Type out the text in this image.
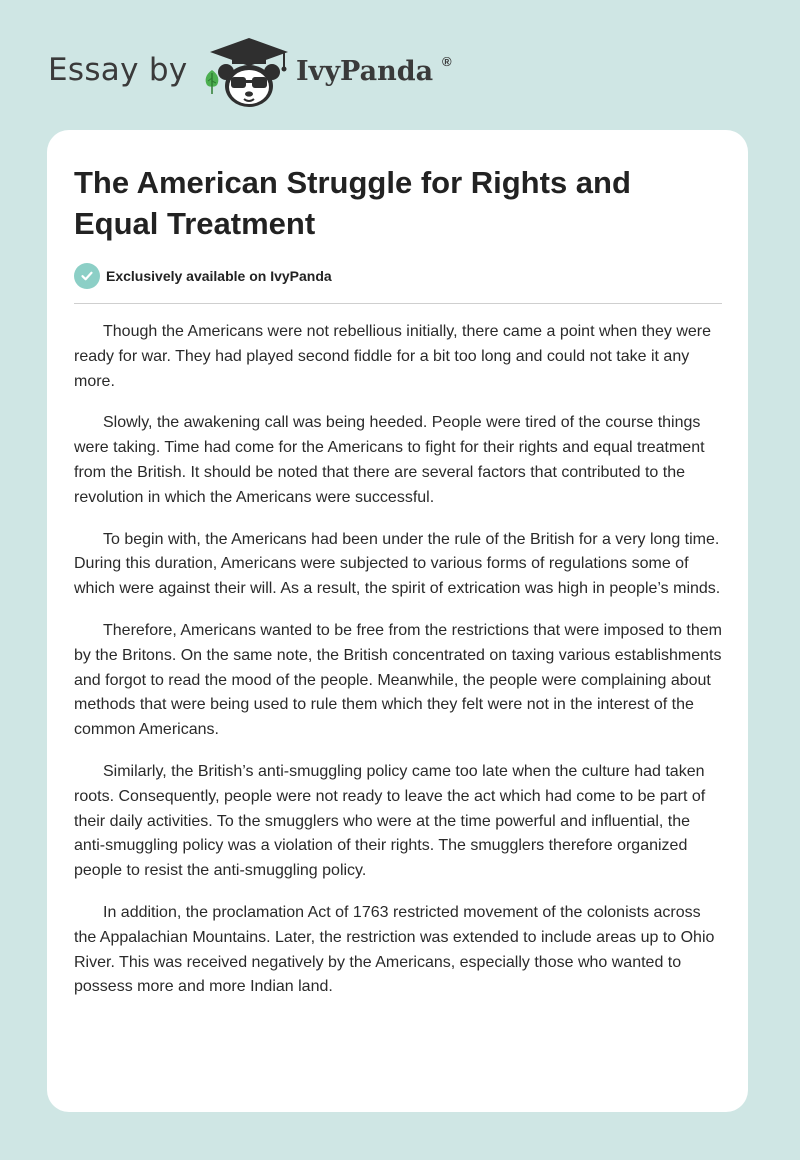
Essay by	IvyPanda ®
The American Struggle for Rights and Equal Treatment
Exclusively available on IvyPanda

Though the Americans were not rebellious initially, there came a point when they were ready for war. They had played second fiddle for a bit too long and could not take it any more.

Slowly, the awakening call was being heeded. People were tired of the course things were taking. Time had come for the Americans to fight for their rights and equal treatment from the British. It should be noted that there are several factors that contributed to the revolution in which the Americans were successful.

To begin with, the Americans had been under the rule of the British for a very long time. During this duration, Americans were subjected to various forms of regulations some of which were against their will. As a result, the spirit of extrication was high in people’s minds.

Therefore, Americans wanted to be free from the restrictions that were imposed to them by the Britons. On the same note, the British concentrated on taxing various establishments and forgot to read the mood of the people. Meanwhile, the people were complaining about methods that were being used to rule them which they felt were not in the interest of the common Americans.

Similarly, the British’s anti-smuggling policy came too late when the culture had taken roots. Consequently, people were not ready to leave the act which had come to be part of their daily activities. To the smugglers who were at the time powerful and influential, the anti-smuggling policy was a violation of their rights. The smugglers therefore organized people to resist the anti-smuggling policy.

In addition, the proclamation Act of 1763 restricted movement of the colonists across the Appalachian Mountains. Later, the restriction was extended to include areas up to Ohio River. This was received negatively by the Americans, especially those who wanted to possess more and more Indian land.
